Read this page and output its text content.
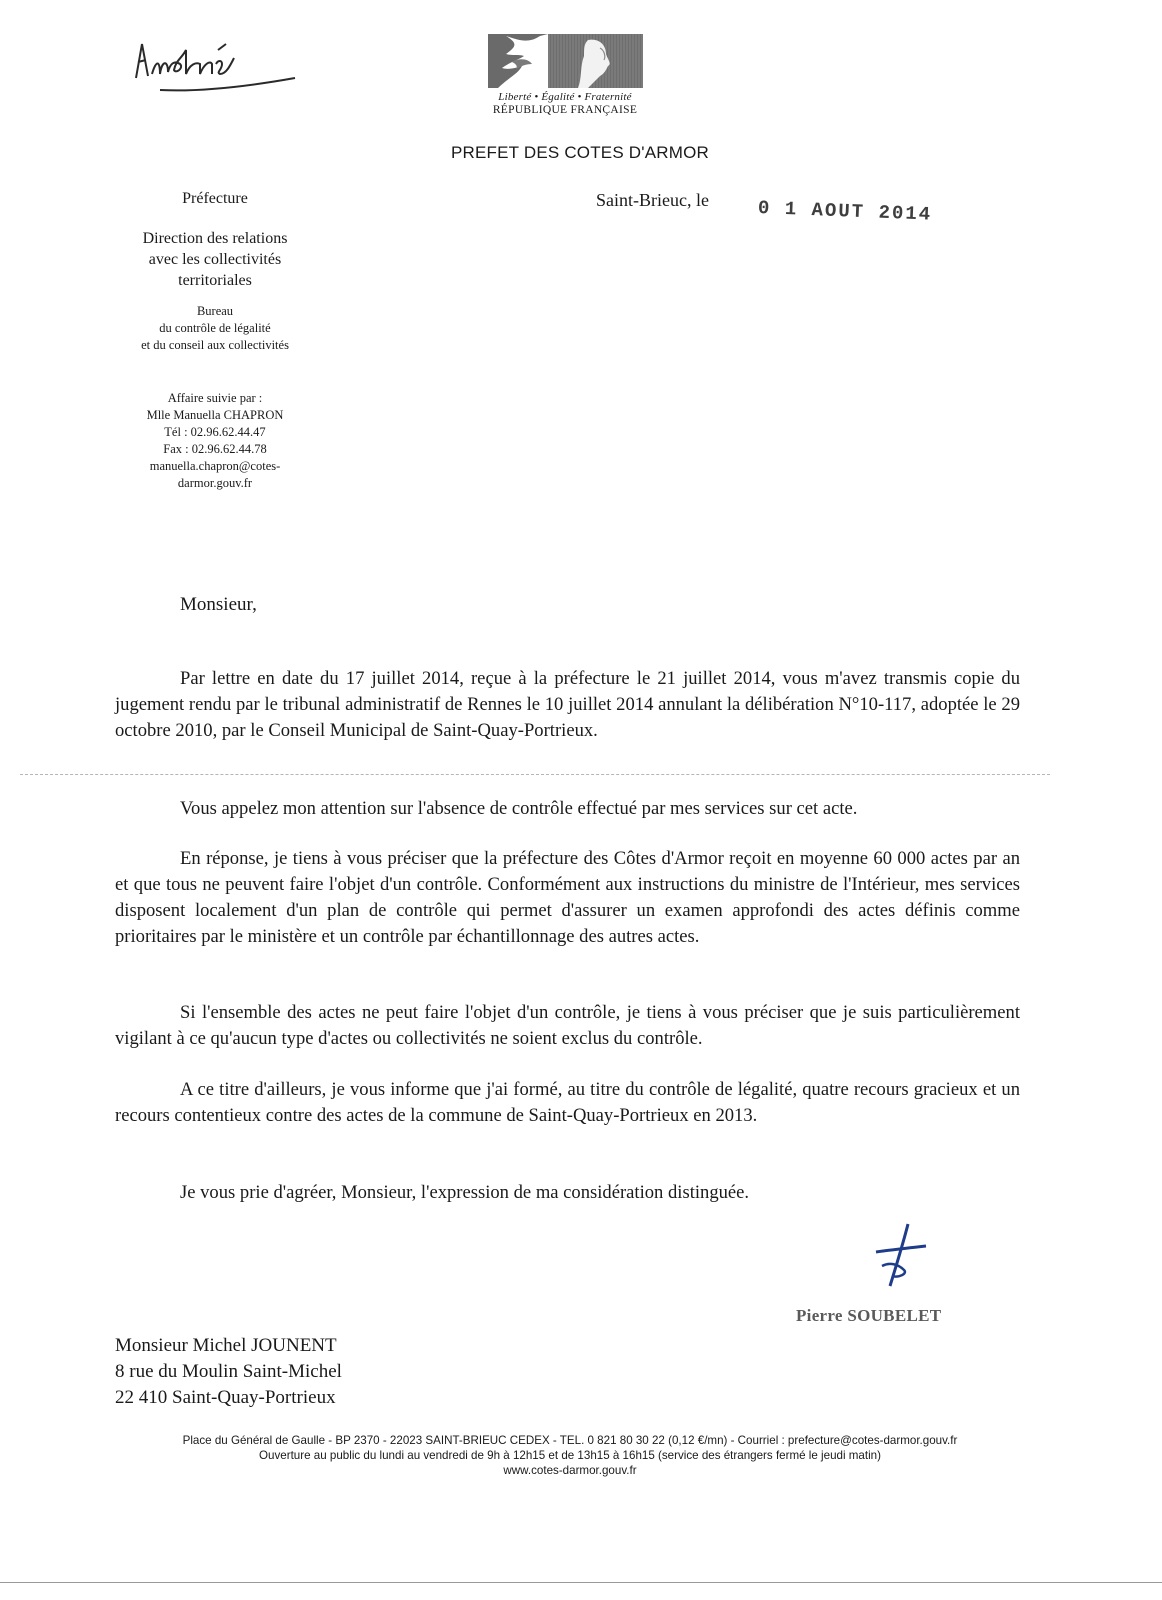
Liberté • Égalité • Fraternité
RÉPUBLIQUE FRANÇAISE
PREFET DES COTES D'ARMOR
Préfecture
Direction des relations
avec les collectivités
territoriales
Bureau
du contrôle de légalité
et du conseil aux collectivités
Affaire suivie par :
Mlle Manuella CHAPRON
Tél : 02.96.62.44.47
Fax : 02.96.62.44.78
manuella.chapron@cotes-
darmor.gouv.fr
Saint-Brieuc, le	0 1 AOUT 2014
Monsieur,
Par lettre en date du 17 juillet 2014, reçue à la préfecture le 21 juillet 2014, vous m'avez transmis copie du jugement rendu par le tribunal administratif de Rennes le 10 juillet 2014 annulant la délibération N°10-117, adoptée le 29 octobre 2010, par le Conseil Municipal de Saint-Quay-Portrieux.
Vous appelez mon attention sur l'absence de contrôle effectué par mes services sur cet acte.
En réponse, je tiens à vous préciser que la préfecture des Côtes d'Armor reçoit en moyenne 60 000 actes par an et que tous ne peuvent faire l'objet d'un contrôle. Conformément aux instructions du ministre de l'Intérieur, mes services disposent localement d'un plan de contrôle qui permet d'assurer un examen approfondi des actes définis comme prioritaires par le ministère et un contrôle par échantillonnage des autres actes.
Si l'ensemble des actes ne peut faire l'objet d'un contrôle, je tiens à vous préciser que je suis particulièrement vigilant à ce qu'aucun type d'actes ou collectivités ne soient exclus du contrôle.
A ce titre d'ailleurs, je vous informe que j'ai formé, au titre du contrôle de légalité, quatre recours gracieux et un recours contentieux contre des actes de la commune de Saint-Quay-Portrieux en 2013.
Je vous prie d'agréer, Monsieur, l'expression de ma considération distinguée.
Pierre SOUBELET
Monsieur Michel JOUNENT
8 rue du Moulin Saint-Michel
22 410 Saint-Quay-Portrieux
Place du Général de Gaulle - BP 2370 - 22023 SAINT-BRIEUC CEDEX - TEL. 0 821 80 30 22 (0,12 €/mn) - Courriel : prefecture@cotes-darmor.gouv.fr
Ouverture au public du lundi au vendredi de 9h à 12h15 et de 13h15 à 16h15 (service des étrangers fermé le jeudi matin)
www.cotes-darmor.gouv.fr
